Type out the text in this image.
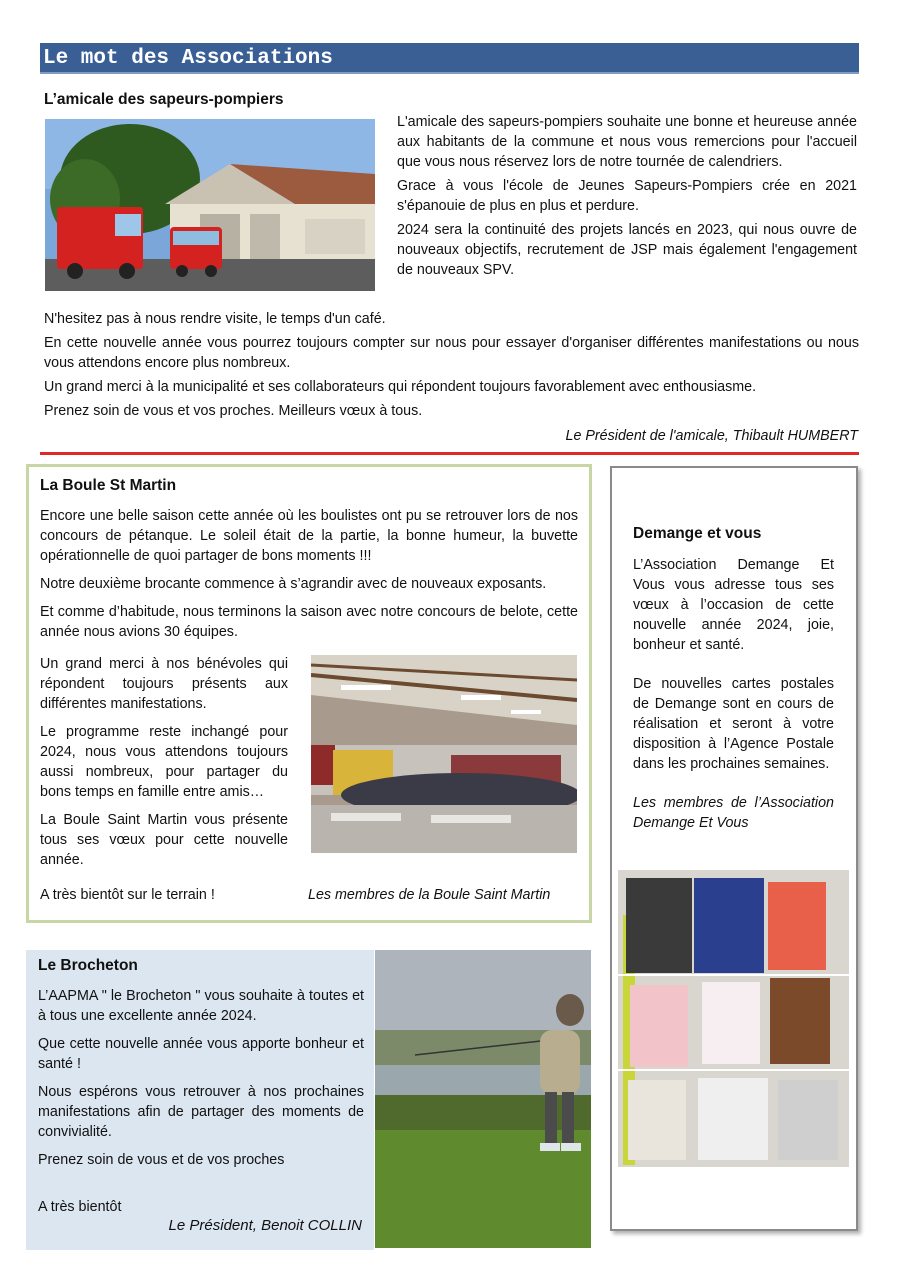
Le mot des Associations
L’amicale des sapeurs-pompiers

L'amicale des sapeurs-pompiers souhaite une bonne et heureuse année aux habitants de la commune et nous vous remercions pour l'accueil que vous nous réservez lors de notre tournée de calendriers.

Grace à vous l'école de Jeunes Sapeurs-Pompiers crée en 2021 s'épanouie de plus en plus et perdure.

2024 sera la continuité des projets lancés en 2023, qui nous ouvre de nouveaux objectifs, recrutement de JSP mais également l'engagement de nouveaux SPV.

N'hesitez pas à nous rendre visite, le temps d'un café.

En cette nouvelle année vous pourrez toujours compter sur nous pour essayer d'organiser différentes manifestations ou nous vous attendons encore plus nombreux.

Un grand merci à la municipalité et ses collaborateurs qui répondent toujours favorablement avec enthousiasme.

Prenez soin de vous et vos proches. Meilleurs vœux à tous.

Le Président de l'amicale, Thibault HUMBERT
La Boule St Martin

Encore une belle saison cette année où les boulistes ont pu se retrouver lors de nos concours de pétanque. Le soleil était de la partie, la bonne humeur, la buvette opérationnelle de quoi partager de bons moments !!!

Notre deuxième brocante commence à s’agrandir avec de nouveaux exposants.

Et comme d’habitude, nous terminons la saison avec notre concours de belote, cette année nous avions 30 équipes.

Un grand merci à nos bénévoles qui répondent toujours présents aux différentes manifestations.

Le programme reste inchangé pour 2024, nous vous attendons toujours aussi nombreux, pour partager du bons temps en famille entre amis…

La Boule Saint Martin vous présente tous ses vœux pour cette nouvelle année.

A très bientôt sur le terrain !	Les membres de la Boule Saint Martin
Le Brocheton

L’AAPMA " le Brocheton " vous souhaite à toutes et à tous une excellente année 2024.

Que cette nouvelle année vous apporte bonheur et santé !

Nous espérons vous retrouver à nos prochaines manifestations afin de partager des moments de convivialité.

Prenez soin de vous et de vos proches

A très bientôt
Le Président, Benoit COLLIN
Demange et vous

L’Association Demange Et Vous vous adresse tous ses vœux à l’occasion de cette nouvelle année 2024, joie, bonheur et santé.

De nouvelles cartes postales de Demange sont en cours de réalisation et seront à votre disposition à l’Agence Postale dans les prochaines semaines.

Les membres de l’Association Demange Et Vous
